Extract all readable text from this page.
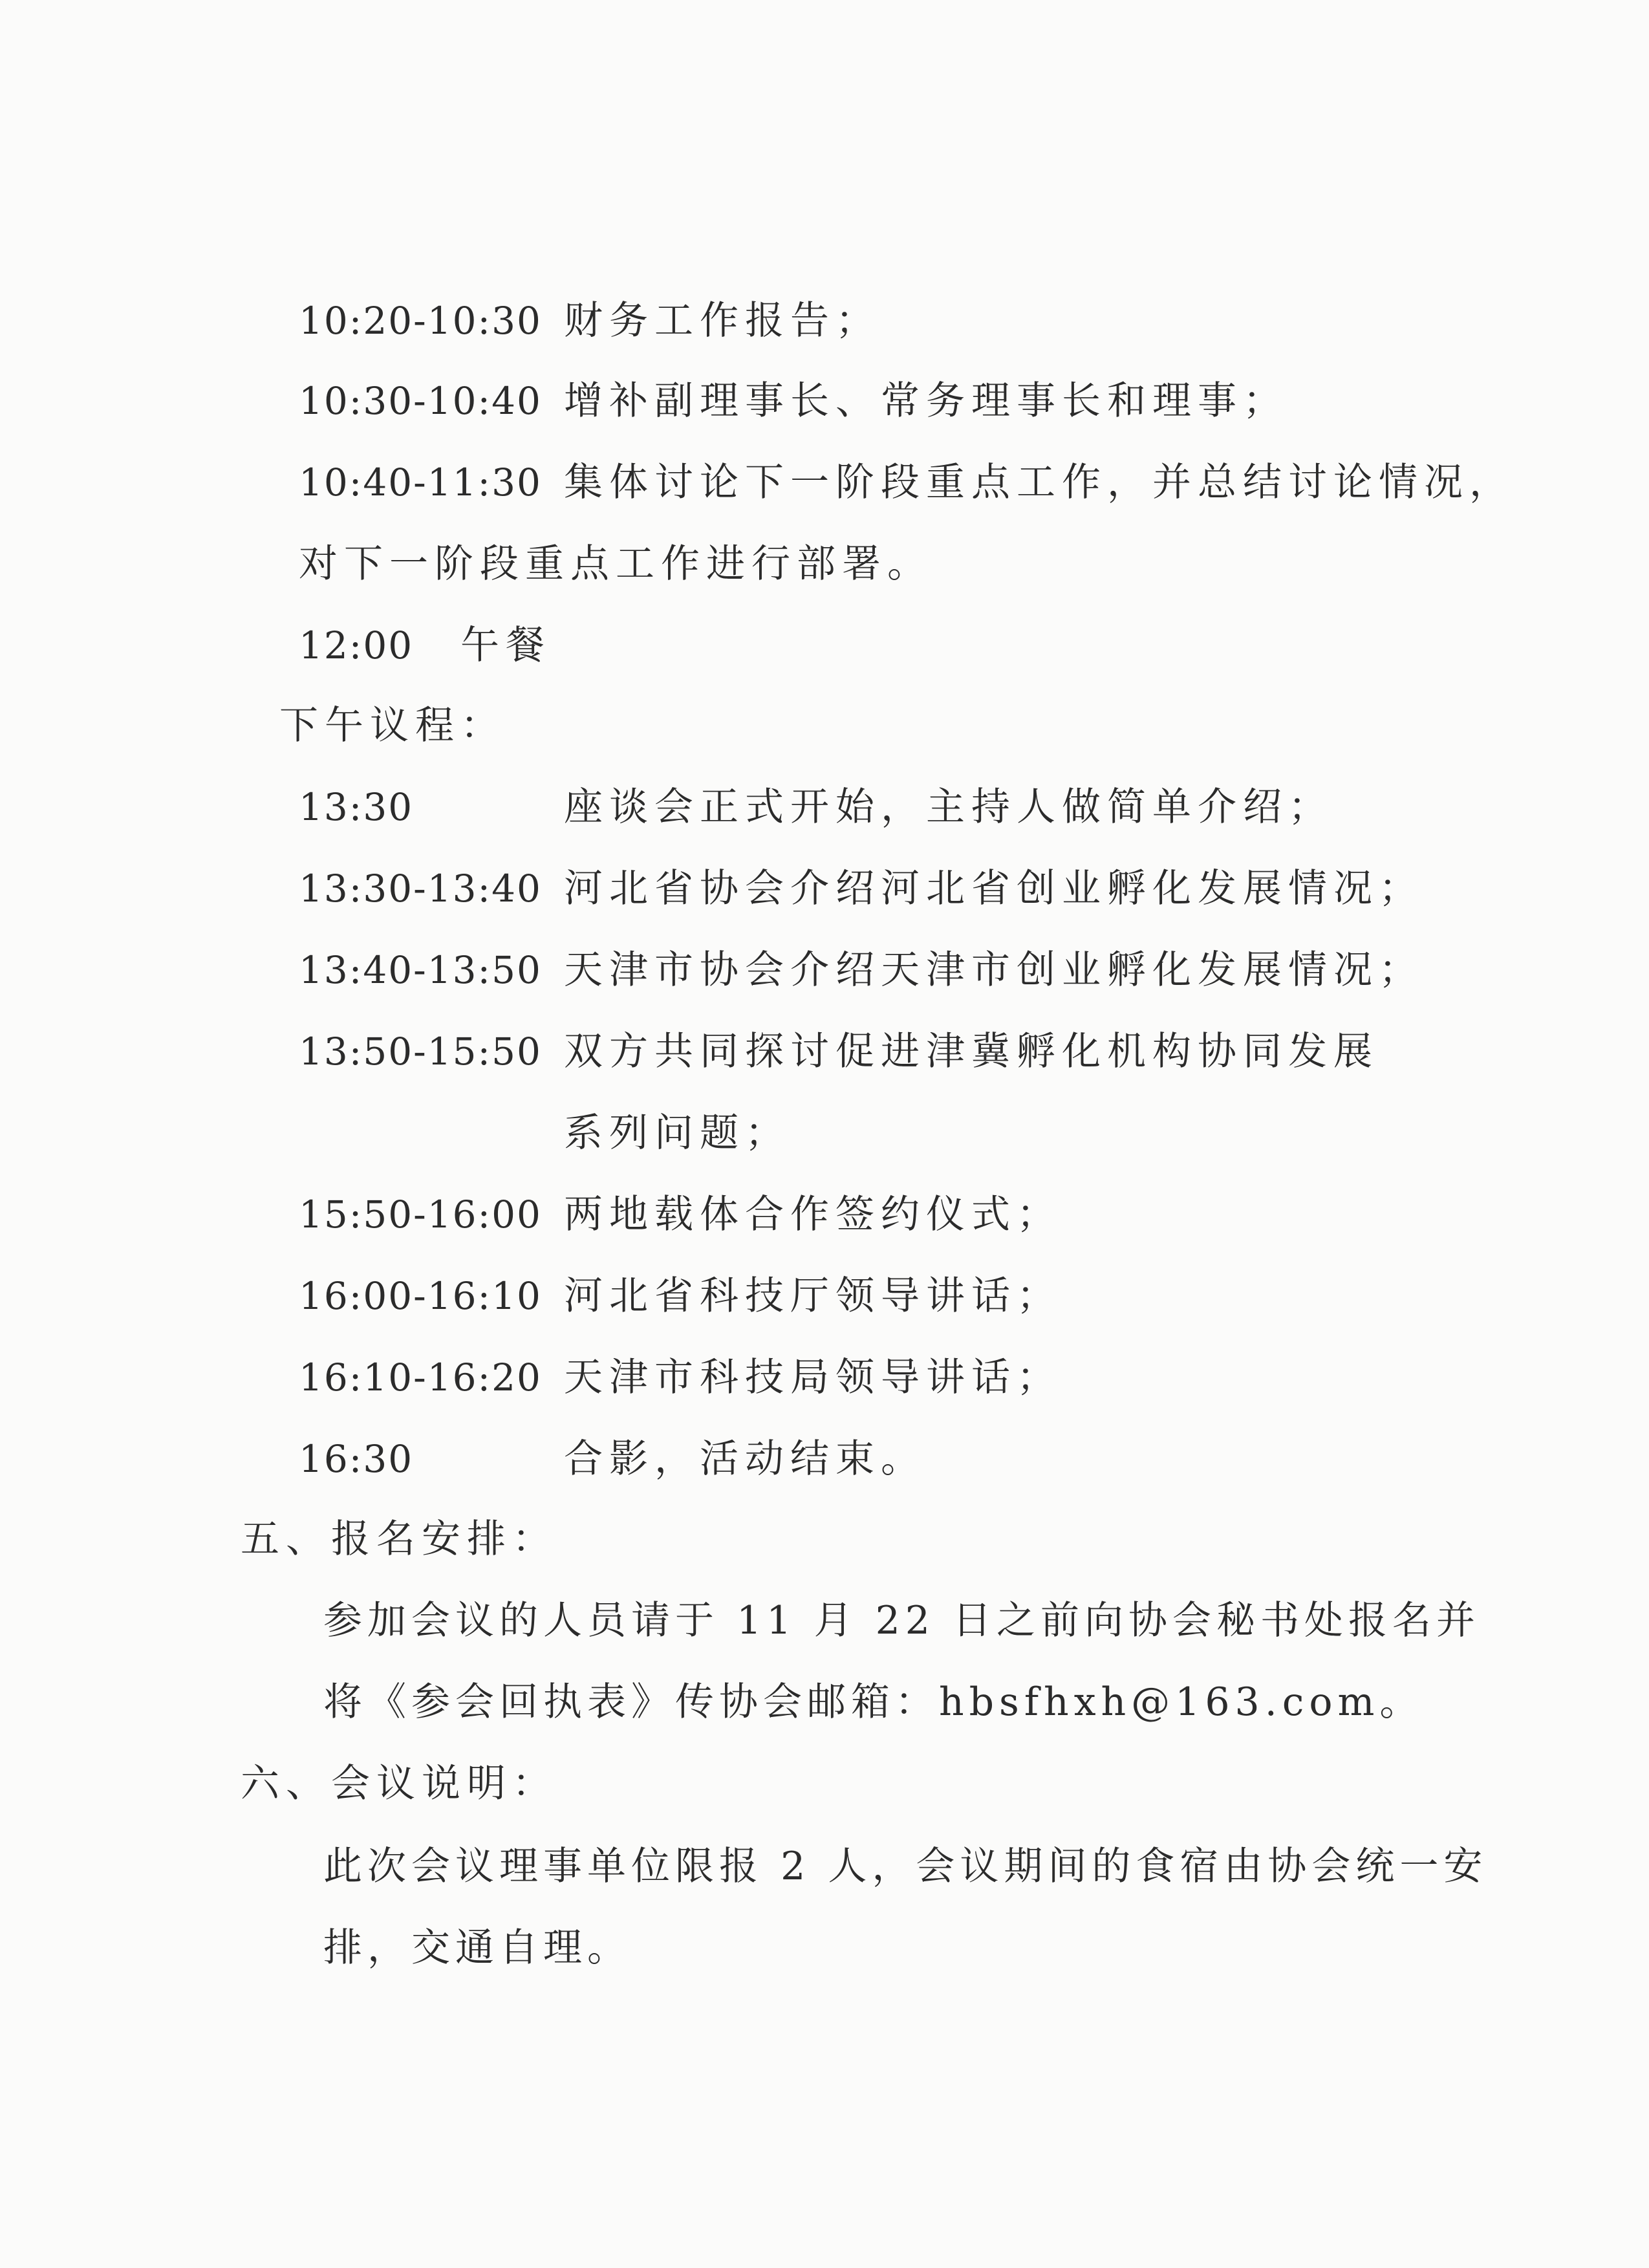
10:20-10:30 财务工作报告；
10:30-10:40 增补副理事长、常务理事长和理事；
10:40-11:30 集体讨论下一阶段重点工作，并总结讨论情况，
对下一阶段重点工作进行部署。
12:00 午餐
下午议程：
13:30	座谈会正式开始，主持人做简单介绍；
13:30-13:40 河北省协会介绍河北省创业孵化发展情况；
13:40-13:50 天津市协会介绍天津市创业孵化发展情况；
13:50-15:50 双方共同探讨促进津冀孵化机构协同发展
系列问题；
15:50-16:00 两地载体合作签约仪式；
16:00-16:10 河北省科技厅领导讲话；
16:10-16:20 天津市科技局领导讲话；
16:30	合影，活动结束。
五、报名安排：
参加会议的人员请于 11 月 22 日之前向协会秘书处报名并
将《参会回执表》传协会邮箱：hbsfhxh@163.com。
六、会议说明：
此次会议理事单位限报 2 人，会议期间的食宿由协会统一安
排，交通自理。
